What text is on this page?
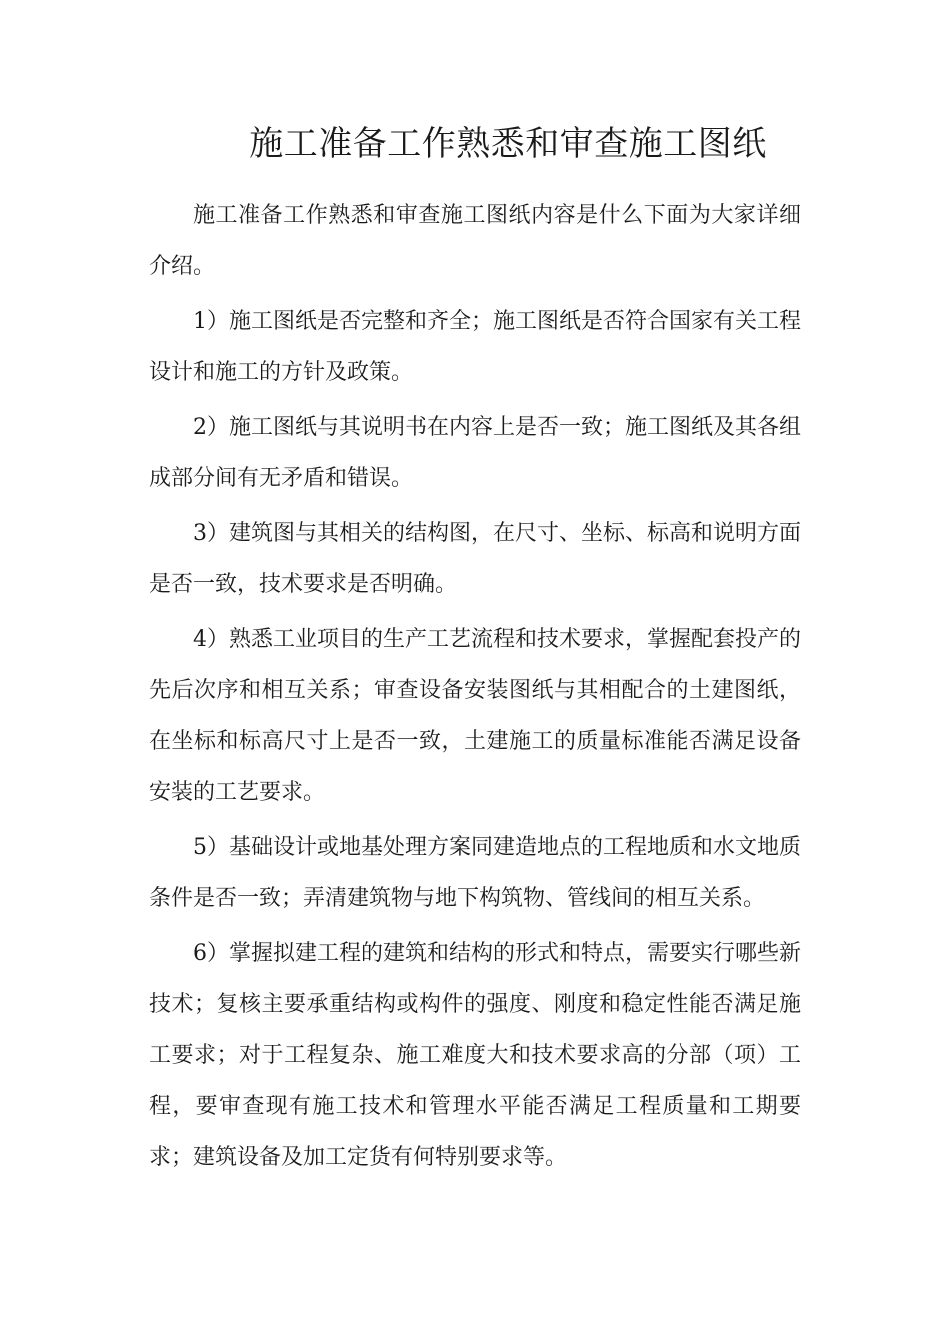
施工准备工作熟悉和审查施工图纸

施工准备工作熟悉和审查施工图纸内容是什么下面为大家详细介绍。

1）施工图纸是否完整和齐全；施工图纸是否符合国家有关工程设计和施工的方针及政策。

2）施工图纸与其说明书在内容上是否一致；施工图纸及其各组成部分间有无矛盾和错误。

3）建筑图与其相关的结构图，在尺寸、坐标、标高和说明方面是否一致，技术要求是否明确。

4）熟悉工业项目的生产工艺流程和技术要求，掌握配套投产的先后次序和相互关系；审查设备安装图纸与其相配合的土建图纸，在坐标和标高尺寸上是否一致，土建施工的质量标准能否满足设备安装的工艺要求。

5）基础设计或地基处理方案同建造地点的工程地质和水文地质条件是否一致；弄清建筑物与地下构筑物、管线间的相互关系。

6）掌握拟建工程的建筑和结构的形式和特点，需要实行哪些新技术；复核主要承重结构或构件的强度、刚度和稳定性能否满足施工要求；对于工程复杂、施工难度大和技术要求高的分部（项）工程，要审查现有施工技术和管理水平能否满足工程质量和工期要求；建筑设备及加工定货有何特别要求等。
